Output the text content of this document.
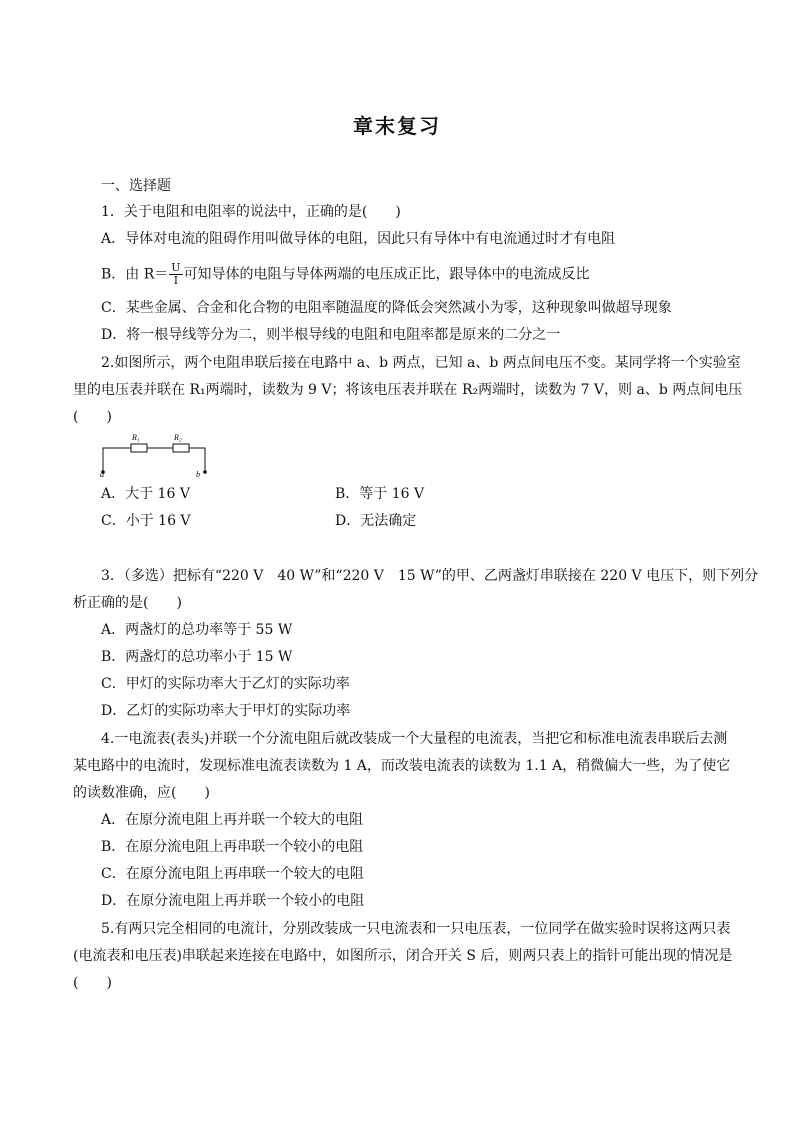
章末复习
一、选择题
1．关于电阻和电阻率的说法中，正确的是(　　)
A．导体对电流的阻碍作用叫做导体的电阻，因此只有导体中有电流通过时才有电阻
B．由 $R= \frac{U}{I}$ 可知导体的电阻与导体两端的电压成正比，跟导体中的电流成反比
C．某些金属、合金和化合物的电阻率随温度的降低会突然减小为零，这种现象叫做超导现象
D．将一根导线等分为二，则半根导线的电阻和电阻率都是原来的二分之一
2.如图所示，两个电阻串联后接在电路中 a、b 两点，已知 a、b 两点间电压不变。某同学将一个实验室
里的电压表并联在 R₁两端时，读数为 9 V；将该电压表并联在 R₂两端时，读数为 7 V，则 a、b 两点间电压
(　　)
R₁	R₂
a	b
A．大于 16 V	B．等于 16 V
C．小于 16 V	D．无法确定
3．（多选）把标有“220 V　40 W”和“220 V　15 W”的甲、乙两盏灯串联接在 220 V 电压下，则下列分
析正确的是(　　)
A．两盏灯的总功率等于 55 W
B．两盏灯的总功率小于 15 W
C．甲灯的实际功率大于乙灯的实际功率
D．乙灯的实际功率大于甲灯的实际功率
4.一电流表(表头)并联一个分流电阻后就改装成一个大量程的电流表，当把它和标准电流表串联后去测
某电路中的电流时，发现标准电流表读数为 1 A，而改装电流表的读数为 1.1 A，稍微偏大一些，为了使它
的读数准确，应(　　)
A．在原分流电阻上再并联一个较大的电阻
B．在原分流电阻上再串联一个较小的电阻
C．在原分流电阻上再串联一个较大的电阻
D．在原分流电阻上再并联一个较小的电阻
5.有两只完全相同的电流计，分别改装成一只电流表和一只电压表，一位同学在做实验时误将这两只表
(电流表和电压表)串联起来连接在电路中，如图所示，闭合开关 S 后，则两只表上的指针可能出现的情况是
(　　)
